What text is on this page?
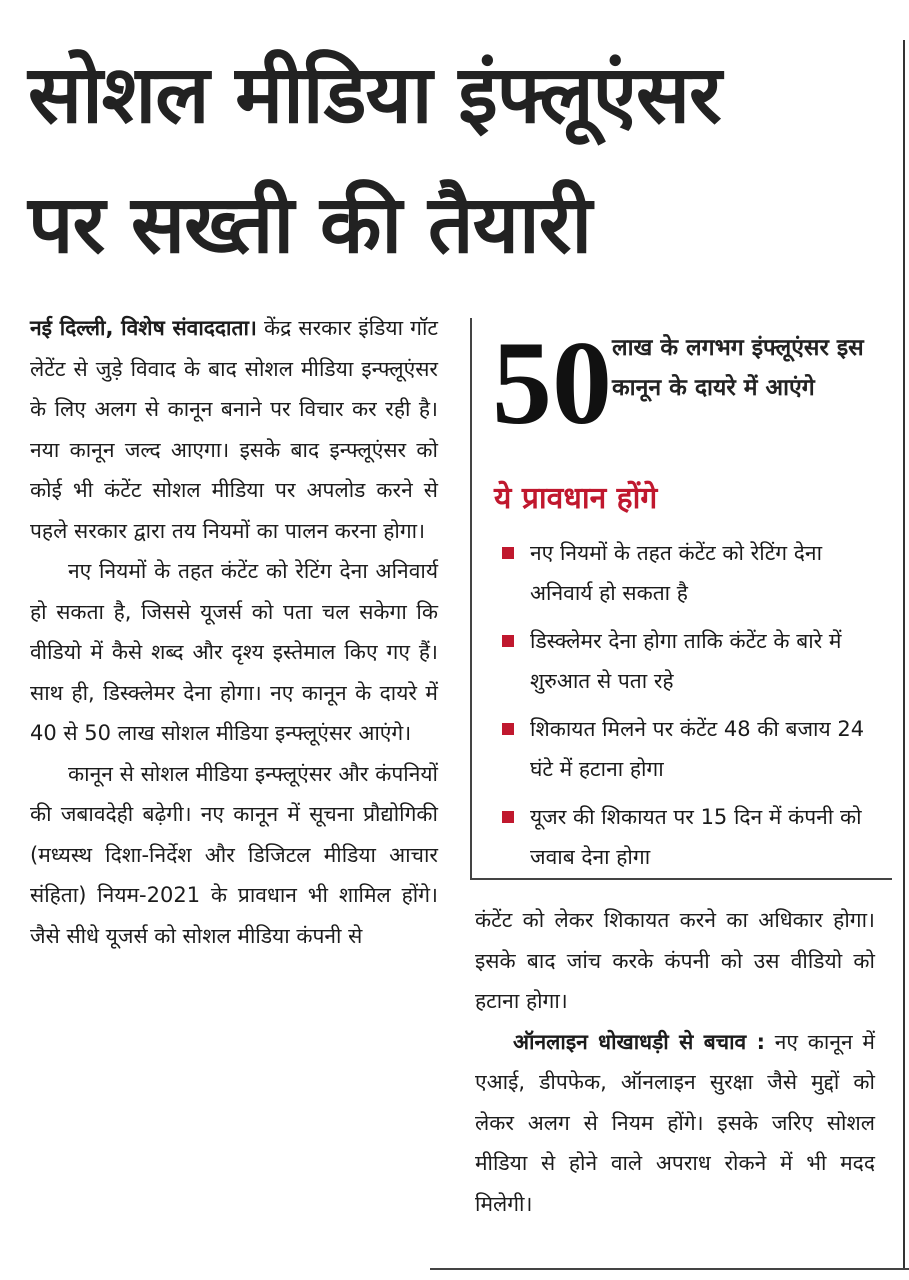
सोशल मीडिया इंफ्लूएंसर
पर सख्ती की तैयारी

नई दिल्ली, विशेष संवाददाता। केंद्र सरकार इंडिया गॉट लेटेंट से जुड़े विवाद के बाद सोशल मीडिया इन्फ्लूएंसर के लिए अलग से कानून बनाने पर विचार कर रही है। नया कानून जल्द आएगा। इसके बाद इन्फ्लूएंसर को कोई भी कंटेंट सोशल मीडिया पर अपलोड करने से पहले सरकार द्वारा तय नियमों का पालन करना होगा।

नए नियमों के तहत कंटेंट को रेटिंग देना अनिवार्य हो सकता है, जिससे यूजर्स को पता चल सकेगा कि वीडियो में कैसे शब्द और दृश्य इस्तेमाल किए गए हैं। साथ ही, डिस्क्लेमर देना होगा। नए कानून के दायरे में 40 से 50 लाख सोशल मीडिया इन्फ्लूएंसर आएंगे।

कानून से सोशल मीडिया इन्फ्लूएंसर और कंपनियों की जबावदेही बढ़ेगी। नए कानून में सूचना प्रौद्योगिकी (मध्यस्थ दिशा-निर्देश और डिजिटल मीडिया आचार संहिता) नियम-2021 के प्रावधान भी शामिल होंगे। जैसे सीधे यूजर्स को सोशल मीडिया कंपनी से

50 लाख के लगभग इंफ्लूएंसर इस कानून के दायरे में आएंगे
ये प्रावधान होंगे
नए नियमों के तहत कंटेंट को रेटिंग देना अनिवार्य हो सकता है
डिस्क्लेमर देना होगा ताकि कंटेंट के बारे में शुरुआत से पता रहे
शिकायत मिलने पर कंटेंट 48 की बजाय 24 घंटे में हटाना होगा
यूजर की शिकायत पर 15 दिन में कंपनी को जवाब देना होगा

कंटेंट को लेकर शिकायत करने का अधिकार होगा। इसके बाद जांच करके कंपनी को उस वीडियो को हटाना होगा।

ऑनलाइन धोखाधड़ी से बचाव : नए कानून में एआई, डीपफेक, ऑनलाइन सुरक्षा जैसे मुद्दों को लेकर अलग से नियम होंगे। इसके जरिए सोशल मीडिया से होने वाले अपराध रोकने में भी मदद मिलेगी।
